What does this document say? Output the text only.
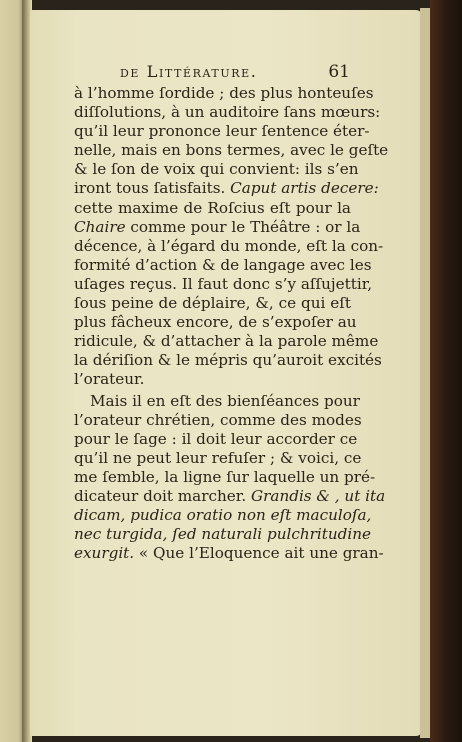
de Littérature.	61
à l’homme ſordide ; des plus honteuſes
diſſolutions, à un auditoire ſans mœurs:
qu’il leur prononce leur ſentence éter-
nelle, mais en bons termes, avec le geſte
& le ſon de voix qui convient: ils s’en
iront tous ſatisfaits. Caput artis decere:
cette maxime de Roſcius eſt pour la
Chaire comme pour le Théâtre : or la
décence, à l’égard du monde, eſt la con-
formité d’action & de langage avec les
uſages reçus. Il faut donc s’y aſſujettir,
ſous peine de déplaire, &, ce qui eſt
plus fâcheux encore, de s’expoſer au
ridicule, & d’attacher à la parole même
la dériſion & le mépris qu’auroit excités
l’orateur.
Mais il en eſt des bienſéances pour
l’orateur chrétien, comme des modes
pour le ſage : il doit leur accorder ce
qu’il ne peut leur refuſer ; & voici, ce
me ſemble, la ligne ſur laquelle un pré-
dicateur doit marcher. Grandis & , ut ita
dicam, pudica oratio non eſt maculoſa,
nec turgida, ſed naturali pulchritudine
exurgit. « Que l’Eloquence ait une gran-
